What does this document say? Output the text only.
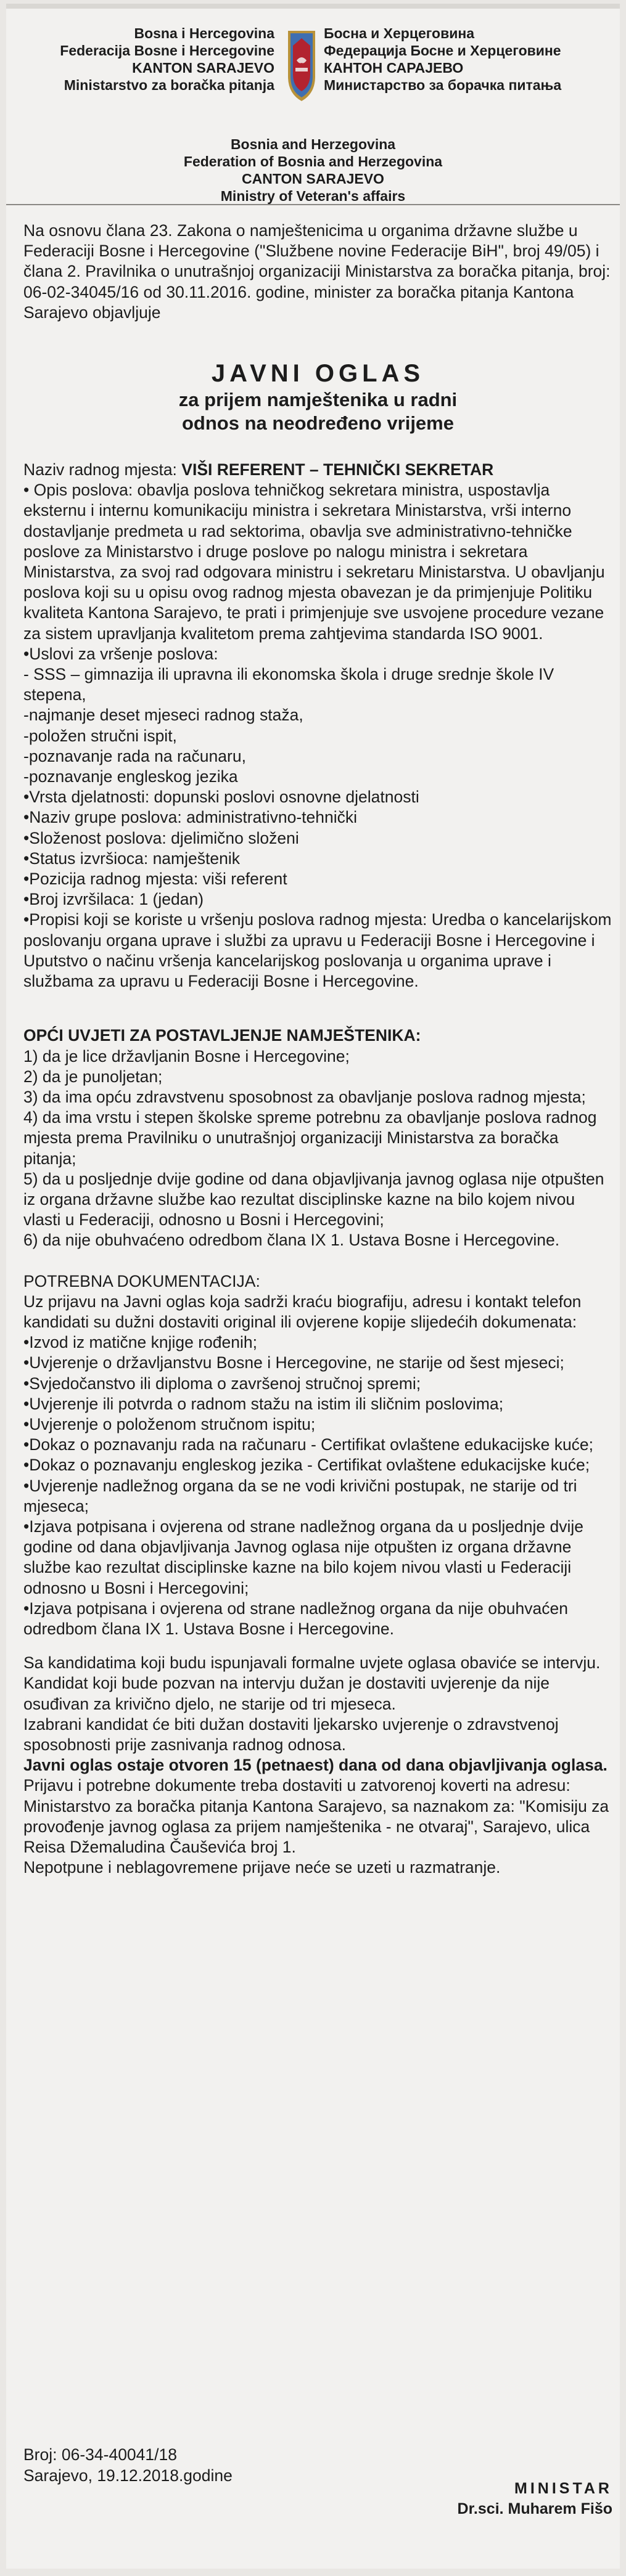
Bosna i Hercegovina
Federacija Bosne i Hercegovine
KANTON SARAJEVO
Ministarstvo za boračka pitanja
Босна и Херцеговина
Федерација Босне и Херцеговине
КАНТОН САРАЈЕВО
Министарство за борачка питања
Bosnia and Herzegovina
Federation of Bosnia and Herzegovina
CANTON SARAJEVO
Ministry of Veteran's affairs

Na osnovu člana 23. Zakona o namještenicima u organima državne službe u Federaciji Bosne i Hercegovine ("Službene novine Federacije BiH", broj 49/05) i člana 2. Pravilnika o unutrašnjoj organizaciji Ministarstva za boračka pitanja, broj: 06-02-34045/16 od 30.11.2016. godine, minister za boračka pitanja Kantona Sarajevo objavljuje

JAVNI OGLAS
za prijem namještenika u radni
odnos na neodređeno vrijeme

Naziv radnog mjesta: VIŠI REFERENT – TEHNIČKI SEKRETAR

• Opis poslova: obavlja poslova tehničkog sekretara ministra, uspostavlja eksternu i internu komunikaciju ministra i sekretara Ministarstva, vrši interno dostavljanje predmeta u rad sektorima, obavlja sve administrativno-tehničke poslove za Ministarstvo i druge poslove po nalogu ministra i sekretara Ministarstva, za svoj rad odgovara ministru i sekretaru Ministarstva. U obavljanju poslova koji su u opisu ovog radnog mjesta obavezan je da primjenjuje Politiku kvaliteta Kantona Sarajevo, te prati i primjenjuje sve usvojene procedure vezane za sistem upravljanja kvalitetom prema zahtjevima standarda ISO 9001.

•Uslovi za vršenje poslova:

- SSS – gimnazija ili upravna ili ekonomska škola i druge srednje škole IV stepena,

-najmanje deset mjeseci radnog staža,

-položen stručni ispit,

-poznavanje rada na računaru,

-poznavanje engleskog jezika

•Vrsta djelatnosti: dopunski poslovi osnovne djelatnosti

•Naziv grupe poslova: administrativno-tehnički

•Složenost poslova: djelimično složeni

•Status izvršioca: namještenik

•Pozicija radnog mjesta: viši referent

•Broj izvršilaca: 1 (jedan)

•Propisi koji se koriste u vršenju poslova radnog mjesta: Uredba o kancelarijskom poslovanju organa uprave i službi za upravu u Federaciji Bosne i Hercegovine i Uputstvo o načinu vršenja kancelarijskog poslovanja u organima uprave i službama za upravu u Federaciji Bosne i Hercegovine.

OPĆI UVJETI ZA POSTAVLJENJE NAMJEŠTENIKA:

1) da je lice državljanin Bosne i Hercegovine;

2) da je punoljetan;

3) da ima opću zdravstvenu sposobnost za obavljanje poslova radnog mjesta;

4) da ima vrstu i stepen školske spreme potrebnu za obavljanje poslova radnog mjesta prema Pravilniku o unutrašnjoj organizaciji Ministarstva za boračka pitanja;

5) da u posljednje dvije godine od dana objavljivanja javnog oglasa nije otpušten iz organa državne službe kao rezultat disciplinske kazne na bilo kojem nivou vlasti u Federaciji, odnosno u Bosni i Hercegovini;

6) da nije obuhvaćeno odredbom člana IX 1. Ustava Bosne i Hercegovine.

POTREBNA DOKUMENTACIJA:

Uz prijavu na Javni oglas koja sadrži kraću biografiju, adresu i kontakt telefon kandidati su dužni dostaviti original ili ovjerene kopije slijedećih dokumenata:

•Izvod iz matične knjige rođenih;

•Uvjerenje o državljanstvu Bosne i Hercegovine, ne starije od šest mjeseci;

•Svjedočanstvo ili diploma o završenoj stručnoj spremi;

•Uvjerenje ili potvrda o radnom stažu na istim ili sličnim poslovima;

•Uvjerenje o položenom stručnom ispitu;

•Dokaz o poznavanju rada na računaru - Certifikat ovlaštene edukacijske kuće;

•Dokaz o poznavanju engleskog jezika - Certifikat ovlaštene edukacijske kuće;

•Uvjerenje nadležnog organa da se ne vodi krivični postupak, ne starije od tri mjeseca;

•Izjava potpisana i ovjerena od strane nadležnog organa da u posljednje dvije godine od dana objavljivanja Javnog oglasa nije otpušten iz organa državne službe kao rezultat disciplinske kazne na bilo kojem nivou vlasti u Federaciji odnosno u Bosni i Hercegovini;

•Izjava potpisana i ovjerena od strane nadležnog organa da nije obuhvaćen odredbom člana IX 1. Ustava Bosne i Hercegovine.

Sa kandidatima koji budu ispunjavali formalne uvjete oglasa obaviće se intervju.

Kandidat koji bude pozvan na intervju dužan je dostaviti uvjerenje da nije osuđivan za krivično djelo, ne starije od tri mjeseca.

Izabrani kandidat će biti dužan dostaviti ljekarsko uvjerenje o zdravstvenoj sposobnosti prije zasnivanja radnog odnosa.

Javni oglas ostaje otvoren 15 (petnaest) dana od dana objavljivanja oglasa.

Prijavu i potrebne dokumente treba dostaviti u zatvorenoj koverti na adresu: Ministarstvo za boračka pitanja Kantona Sarajevo, sa naznakom za: "Komisiju za provođenje javnog oglasa za prijem namještenika - ne otvaraj", Sarajevo, ulica Reisa Džemaludina Čauševića broj 1.

Nepotpune i neblagovremene prijave neće se uzeti u razmatranje.

Broj: 06-34-40041/18
Sarajevo, 19.12.2018.godine
MINISTAR
Dr.sci. Muharem Fišo
